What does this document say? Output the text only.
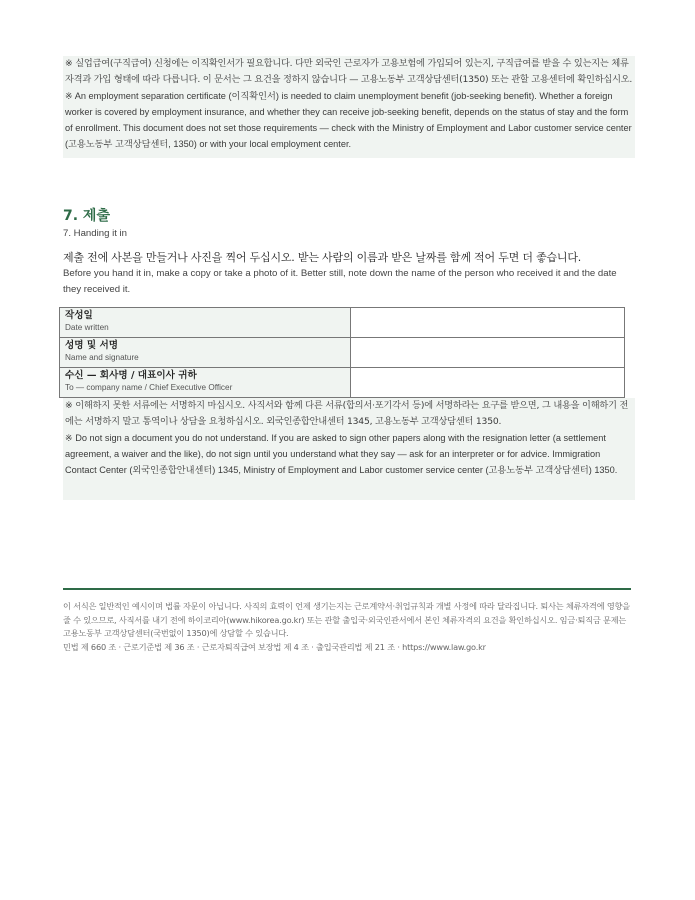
※ 실업급여(구직급여) 신청에는 이직확인서가 필요합니다. 다만 외국인 근로자가 고용보험에 가입되어 있는지, 구직급여를 받을 수 있는지는 체류자격과 가입 형태에 따라 다릅니다. 이 문서는 그 요건을 정하지 않습니다 — 고용노동부 고객상담센터(1350) 또는 관할 고용센터에 확인하십시오.

※ An employment separation certificate (이직확인서) is needed to claim unemployment benefit (job-seeking benefit). Whether a foreign worker is covered by employment insurance, and whether they can receive job-seeking benefit, depends on the status of stay and the form of enrollment. This document does not set those requirements — check with the Ministry of Employment and Labor customer service center (고용노동부 고객상담센터, 1350) or with your local employment center.

7. 제출
7. Handing it in
제출 전에 사본을 만들거나 사진을 찍어 두십시오. 받는 사람의 이름과 받은 날짜를 함께 적어 두면 더 좋습니다.
Before you hand it in, make a copy or take a photo of it. Better still, note down the name of the person who received it and the date they received it.
작성일
Date written	

성명 및 서명
Name and signature	

수신 — 회사명 / 대표이사 귀하
To — company name / Chief Executive Officer	

※ 이해하지 못한 서류에는 서명하지 마십시오. 사직서와 함께 다른 서류(합의서·포기각서 등)에 서명하라는 요구를 받으면, 그 내용을 이해하기 전에는 서명하지 말고 통역이나 상담을 요청하십시오. 외국인종합안내센터 1345, 고용노동부 고객상담센터 1350.

※ Do not sign a document you do not understand. If you are asked to sign other papers along with the resignation letter (a settlement agreement, a waiver and the like), do not sign until you understand what they say — ask for an interpreter or for advice. Immigration Contact Center (외국인종합안내센터) 1345, Ministry of Employment and Labor customer service center (고용노동부 고객상담센터) 1350.

이 서식은 일반적인 예시이며 법률 자문이 아닙니다. 사직의 효력이 언제 생기는지는 근로계약서·취업규칙과 개별 사정에 따라 달라집니다. 퇴사는 체류자격에 영향을 줄 수 있으므로, 사직서를 내기 전에 하이코리아(www.hikorea.go.kr) 또는 관할 출입국·외국인관서에서 본인 체류자격의 요건을 확인하십시오. 임금·퇴직금 문제는 고용노동부 고객상담센터(국번없이 1350)에 상담할 수 있습니다.

민법 제 660 조 · 근로기준법 제 36 조 · 근로자퇴직급여 보장법 제 4 조 · 출입국관리법 제 21 조 · https://www.law.go.kr
